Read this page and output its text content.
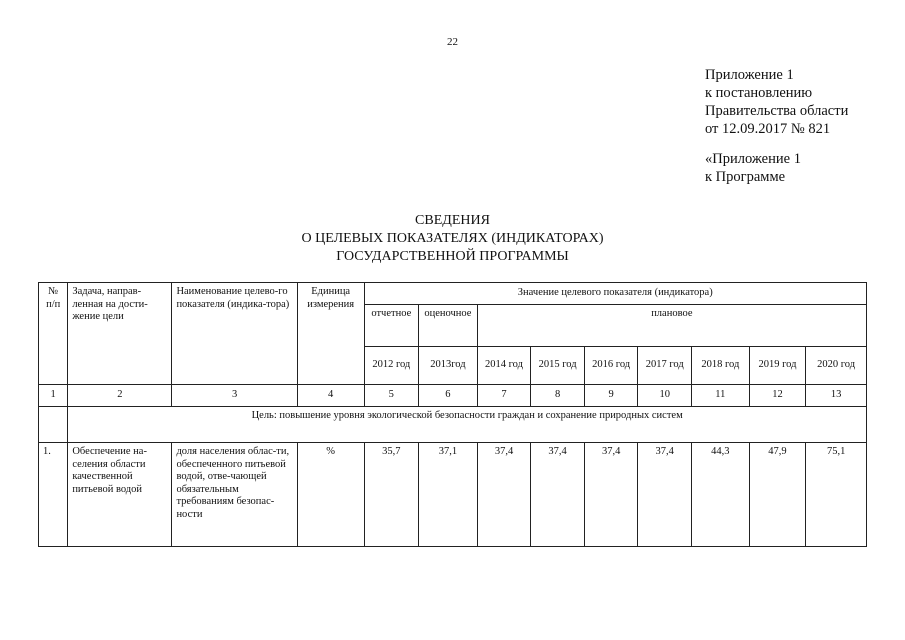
22
Приложение 1
к постановлению
Правительства области
от 12.09.2017 № 821
«Приложение 1
к Программе
СВЕДЕНИЯ
О ЦЕЛЕВЫХ ПОКАЗАТЕЛЯХ (ИНДИКАТОРАХ)
ГОСУДАРСТВЕННОЙ ПРОГРАММЫ
№ п/п	Задача, направ-ленная на дости-жение цели	Наименование целево-го показателя (индика-тора)	Единица измерения	Значение целевого показателя (индикатора)								
				отчетное	оценочное	плановое						
				2012 год	2013год	2014 год	2015 год	2016 год	2017 год	2018 год	2019 год	2020 год
1	2	3	4	5	6	7	8	9	10	11	12	13
	Цель: повышение уровня экологической безопасности граждан и сохранение природных систем											
1.	Обеспечение на-селения области качественной питьевой водой	доля населения облас-ти, обеспеченного питьевой водой, отве-чающей обязательным требованиям безопас-ности	%	35,7	37,1	37,4	37,4	37,4	37,4	44,3	47,9	75,1
